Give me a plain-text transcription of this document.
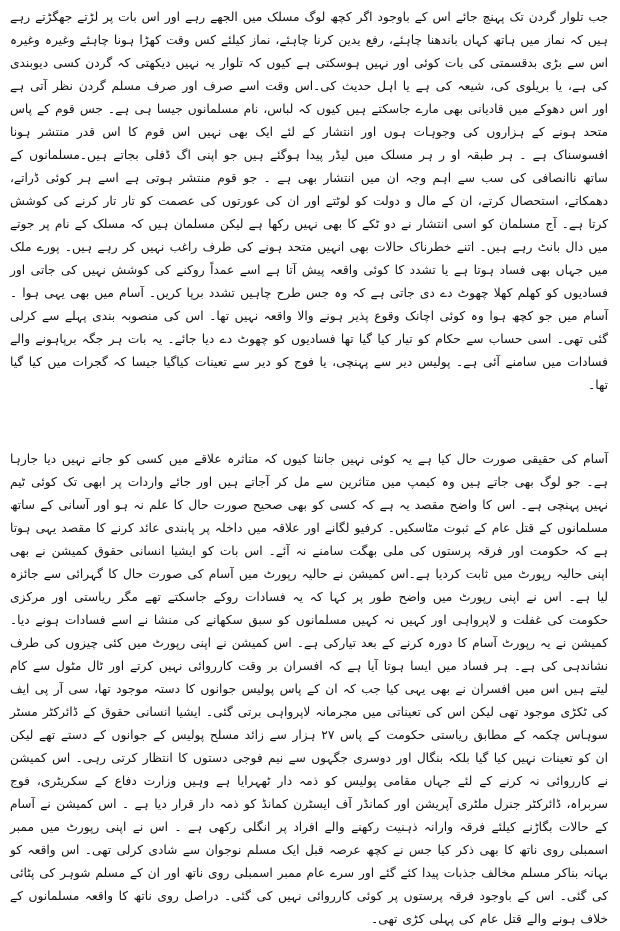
جب تلوار گردن تک پہنچ جائے اس کے باوجود اگر کچھ لوگ مسلک میں الجھے رہے اور اس بات پر لڑتے جھگڑتے رہے ہیں کہ نماز میں ہاتھ کہاں باندھنا چاہئے، رفع یدین کرنا چاہئے، نماز کیلئے کس وقت کھڑا ہونا چاہئے وغیرہ وغیرہ اس سے بڑی بدقسمتی کی بات کوئی اور نہیں ہوسکتی ہے کیوں کہ تلوار یہ نہیں دیکھتی کہ گردن کسی دیوبندی کی ہے، یا بریلوی کی، شیعہ کی ہے یا اہل حدیث کی۔اس وقت اسے صرف اور صرف مسلم گردن نظر آتی ہے اور اس دھوکے میں قادیانی بھی مارے جاسکتے ہیں کیوں کہ لباس، نام مسلمانوں جیسا ہی ہے۔ جس قوم کے پاس متحد ہونے کے ہزاروں کی وجوہات ہوں اور انتشار کے لئے ایک بھی نہیں اس قوم کا اس قدر منتشر ہونا افسوسناک ہے ۔ ہر طبقہ او ر ہر مسلک میں لیڈر پیدا ہوگئے ہیں جو اپنی اگ ڈفلی بجاتے ہیں۔مسلمانوں کے ساتھ ناانصافی کی سب سے اہم وجہ ان میں انتشار بھی ہے ۔ جو قوم منتشر ہوتی ہے اسے ہر کوئی ڈراتے، دھمکاتے، استحصال کرتے، ان کے مال و دولت کو لوٹتے اور ان کی عورتوں کی عصمت کو تار تار کرنے کی کوشش کرتا ہے۔ آج مسلمان کو اسی انتشار نے دو ٹکے کا بھی نہیں رکھا ہے لیکن مسلمان ہیں کہ مسلک کے نام پر جوتے میں دال بانٹ رہے ہیں۔ اتنے خطرناک حالات بھی انہیں متحد ہونے کی طرف راغب نہیں کر رہے ہیں۔ پورے ملک میں جہاں بھی فساد ہوتا ہے یا تشدد کا کوئی واقعہ پیش آتا ہے اسے عمداً روکنے کی کوشش نہیں کی جاتی اور فسادیوں کو کھلم کھلا چھوٹ دے دی جاتی ہے کہ وہ جس طرح چاہیں تشدد برپا کریں۔ آسام میں بھی یہی ہوا ۔ آسام میں جو کچھ ہوا وہ کوئی اچانک وقوع پذیر ہونے والا واقعہ نہیں تھا۔ اس کی منصوبہ بندی پہلے سے کرلی گئی تھی۔ اسی حساب سے حکام کو تیار کیا گیا تھا فسادیوں کو چھوٹ دے دیا جائے۔ یہ بات ہر جگہ برپاہونے والے فسادات میں سامنے آئی ہے۔ پولیس دیر سے پہنچی، یا فوج کو دیر سے تعینات کیاگیا جیسا کہ گجرات میں کیا گیا تھا۔

آسام کی حقیقی صورت حال کیا ہے یہ کوئی نہیں جانتا کیوں کہ متاثرہ علاقے میں کسی کو جانے نہیں دیا جارہا ہے۔ جو لوگ بھی جاتے ہیں وہ کیمپ میں متاثرین سے مل کر آجاتے ہیں اور جائے واردات پر ابھی تک کوئی ٹیم نہیں پہنچی ہے۔ اس کا واضح مقصد یہ ہے کہ کسی کو بھی صحیح صورت حال کا علم نہ ہو اور آسانی کے ساتھ مسلمانوں کے قتل عام کے ثبوت مٹاسکیں۔ کرفیو لگانے اور علاقہ میں داخلہ پر پابندی عائد کرنے کا مقصد یہی ہوتا ہے کہ حکومت اور فرقہ پرستوں کی ملی بھگت سامنے نہ آئے۔ اس بات کو ایشیا انسانی حقوق کمیشن نے بھی اپنی حالیہ رپورٹ میں ثابت کردیا ہے۔اس کمیشن نے حالیہ رپورٹ میں آسام کی صورت حال کا گہرائی سے جائزہ لیا ہے۔ اس نے اپنی رپورٹ میں واضح طور پر کہا کہ یہ فسادات روکے جاسکتے تھے مگر ریاستی اور مرکزی حکومت کی غفلت و لاپرواہی اور کہیں نہ کہیں مسلمانوں کو سبق سکھانے کی منشا نے اسے فسادات ہونے دیا۔ کمیشن نے یہ رپورٹ آسام کا دورہ کرنے کے بعد تیارکی ہے۔ اس کمیشن نے اپنی رپورٹ میں کئی چیزوں کی طرف نشاندہی کی ہے۔ ہر فساد میں ایسا ہوتا آیا ہے کہ افسران بر وقت کارروائی نہیں کرتے اور ٹال مٹول سے کام لیتے ہیں اس میں افسران نے بھی یہی کیا جب کہ ان کے پاس پولیس جوانوں کا دستہ موجود تھا، سی آر پی ایف کی ٹکڑی موجود تھی لیکن اس کی تعیناتی میں مجرمانہ لاپرواہی برتی گئی۔ ایشیا انسانی حقوق کے ڈائرکٹر مسٹر سوہاس چکمہ کے مطابق ریاستی حکومت کے پاس ۲۷ ہزار سے زائد مسلح پولیس کے جوانوں کے دستے تھے لیکن ان کو تعینات نہیں کیا گیا بلکہ بنگال اور دوسری جگہوں سے نیم فوجی دستوں کا انتظار کرتی رہی۔ اس کمیشن نے کارروائی نہ کرنے کے لئے جہاں مقامی پولیس کو ذمہ دار ٹھہرایا ہے وہیں وزارت دفاع کے سکریٹری، فوج سربراہ، ڈائرکٹر جنرل ملٹری آپریشن اور کمانڈر آف ایسٹرن کمانڈ کو ذمہ دار قرار دیا ہے ۔ اس کمیشن نے آسام کے حالات بگاڑنے کیلئے فرقہ وارانہ ذہنیت رکھنے والے افراد پر انگلی رکھی ہے ۔ اس نے اپنی رپورٹ میں ممبر اسمبلی روی ناتھ کا بھی ذکر کیا جس نے کچھ عرصہ قبل ایک مسلم نوجوان سے شادی کرلی تھی۔ اس واقعہ کو بہانہ بناکر مسلم مخالف جذبات پیدا کئے گئے اور سرے عام ممبر اسمبلی روی ناتھ اور ان کے مسلم شوہر کی پٹائی کی گئی۔ اس کے باوجود فرقہ پرستوں پر کوئی کارروائی نہیں کی گئی۔ دراصل روی ناتھ کا واقعہ مسلمانوں کے خلاف ہونے والے قتل عام کی پہلی کڑی تھی۔
